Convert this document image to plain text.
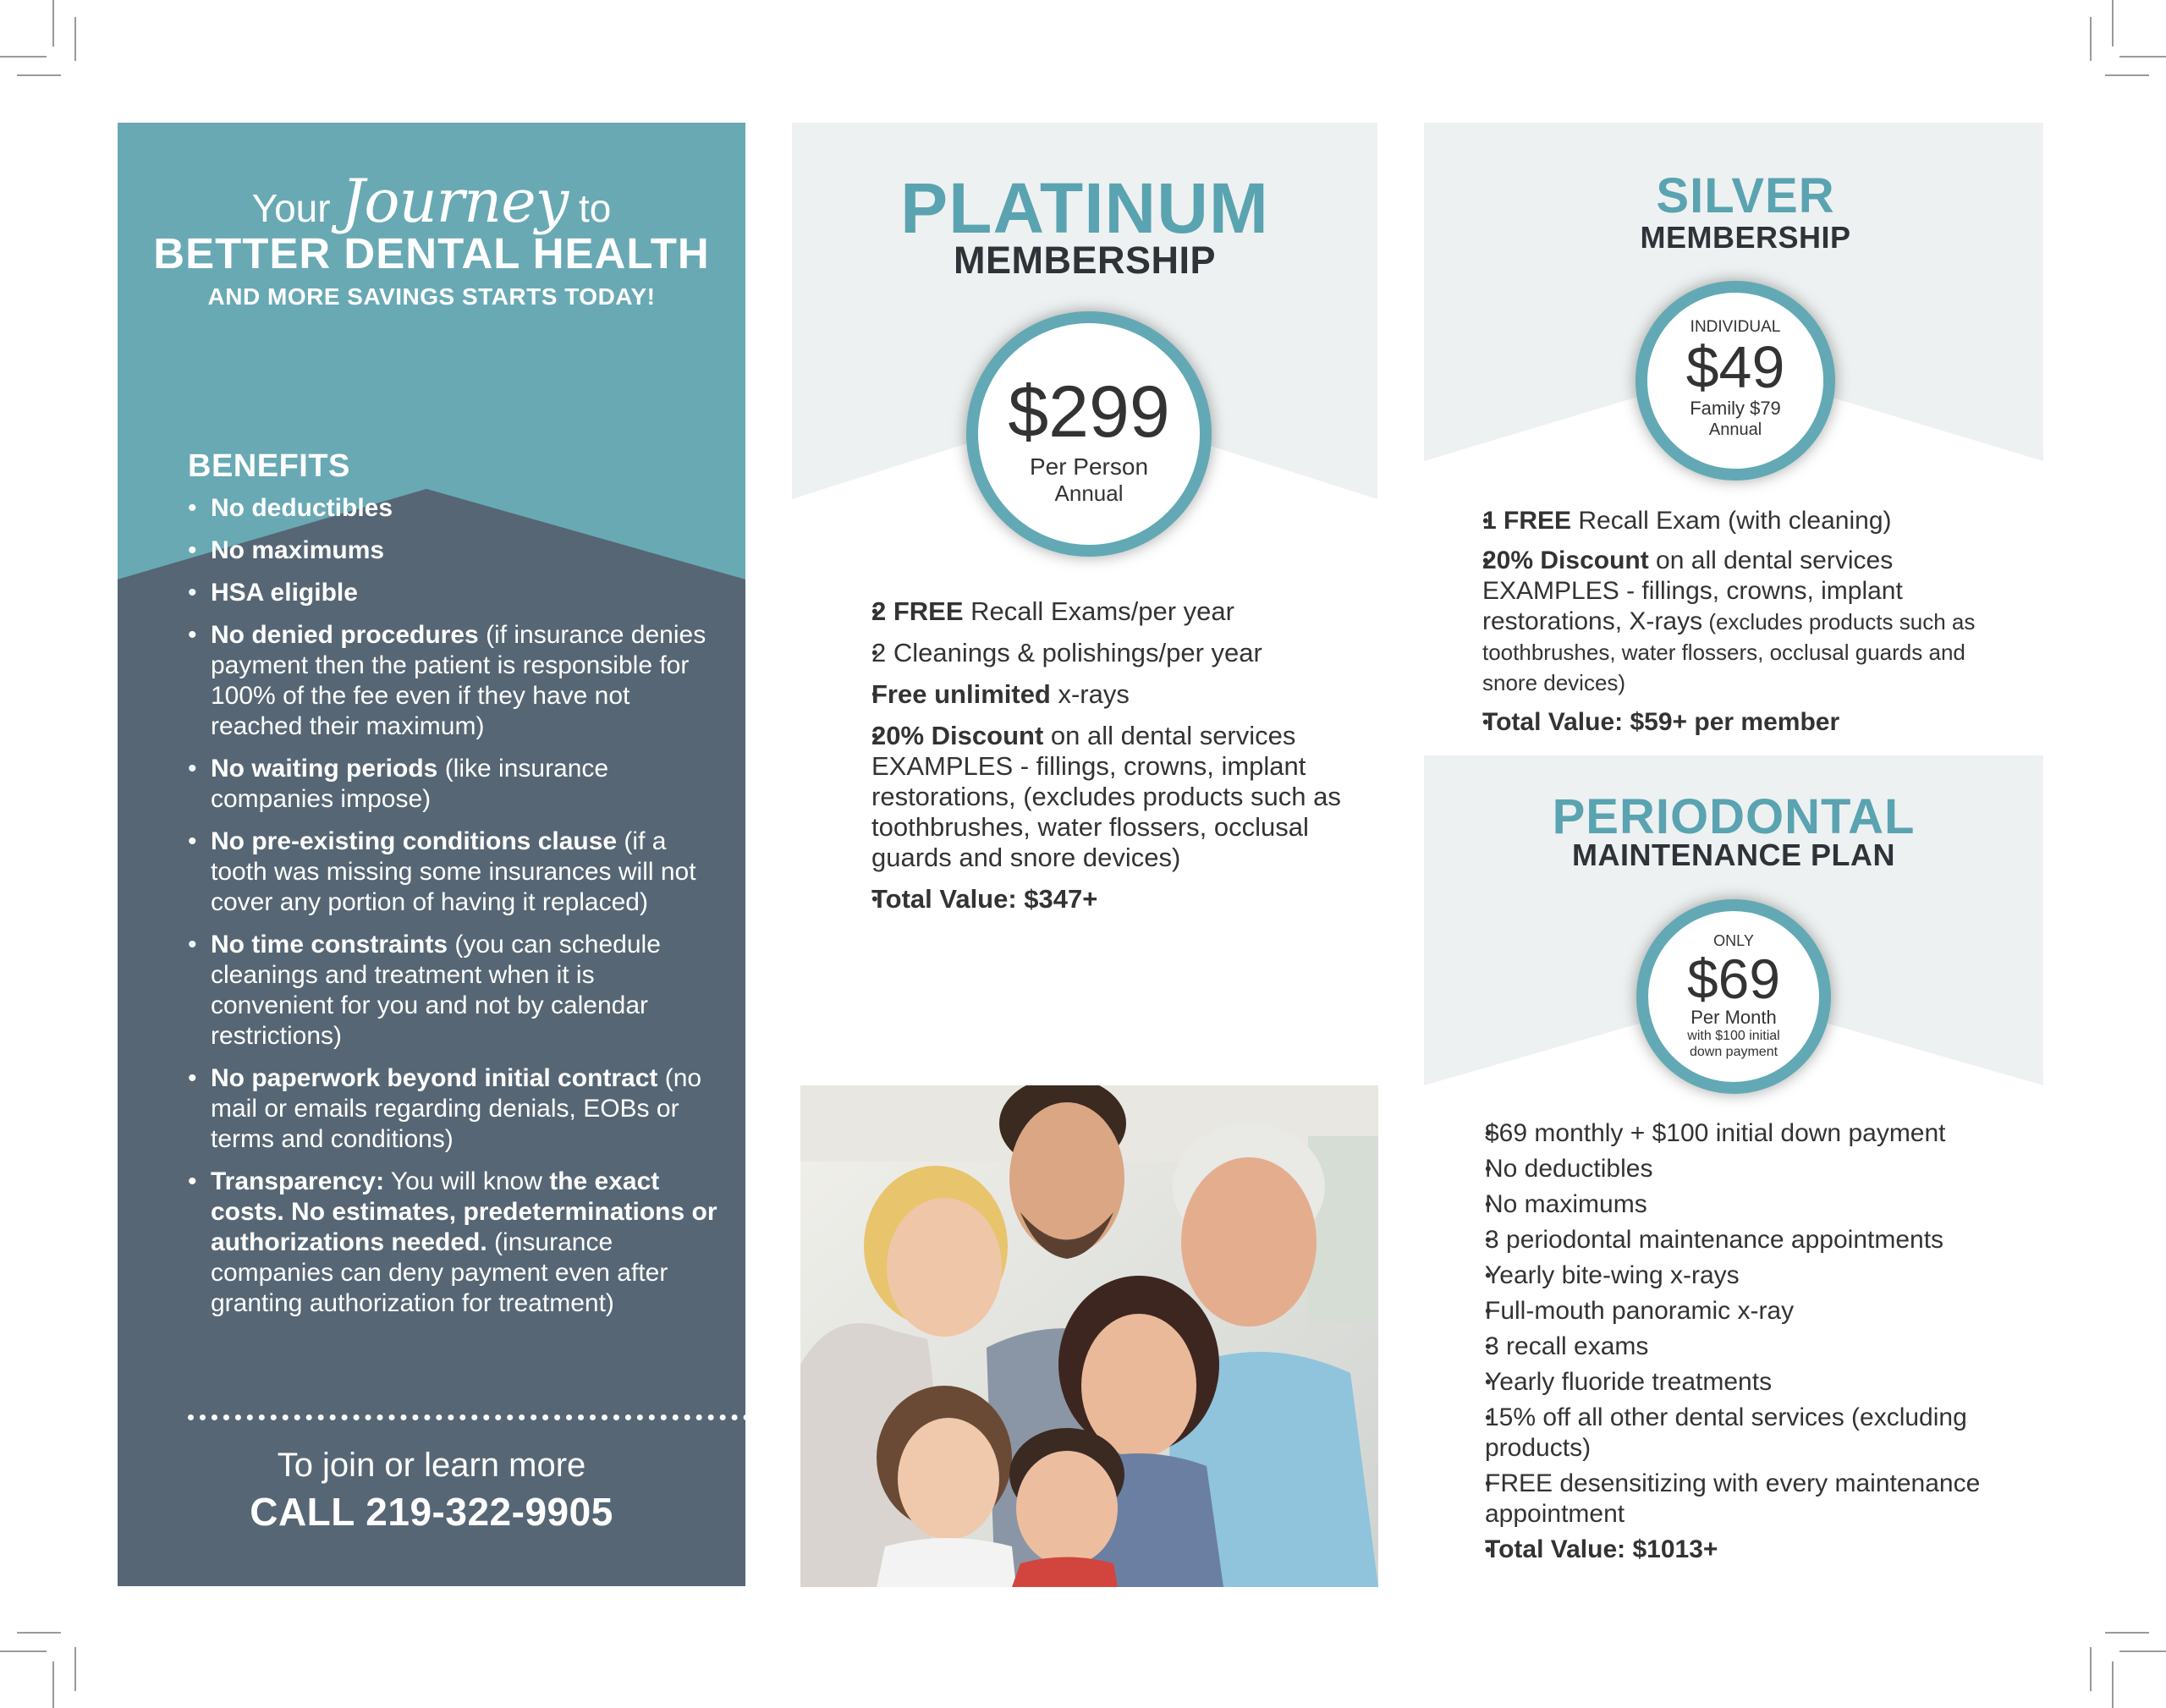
Your Journey to
BETTER DENTAL HEALTH
AND MORE SAVINGS STARTS TODAY!
BENEFITS
• No deductibles
• No maximums
• HSA eligible
• No denied procedures (if insurance denies payment then the patient is responsible for 100% of the fee even if they have not reached their maximum)
• No waiting periods (like insurance companies impose)
• No pre-existing conditions clause (if a tooth was missing some insurances will not cover any portion of having it replaced)
• No time constraints (you can schedule cleanings and treatment when it is convenient for you and not by calendar restrictions)
• No paperwork beyond initial contract (no mail or emails regarding denials, EOBs or terms and conditions)
• Transparency: You will know the exact costs. No estimates, predeterminations or authorizations needed. (insurance companies can deny payment even after granting authorization for treatment)
To join or learn more
CALL 219-322-9905
PLATINUM
MEMBERSHIP
$299
Per Person
Annual
• 2 FREE Recall Exams/per year
• 2 Cleanings & polishings/per year
• Free unlimited x-rays
• 20% Discount on all dental services
EXAMPLES - fillings, crowns, implant restorations, (excludes products such as toothbrushes, water flossers, occlusal guards and snore devices)
• Total Value: $347+
SILVER
MEMBERSHIP
INDIVIDUAL
$49
Family $79
Annual
• 1 FREE Recall Exam (with cleaning)
• 20% Discount on all dental services
EXAMPLES - fillings, crowns, implant restorations, X-rays (excludes products such as toothbrushes, water flossers, occlusal guards and snore devices)
• Total Value: $59+ per member
PERIODONTAL
MAINTENANCE PLAN
ONLY
$69
Per Month
with $100 initial
down payment
• $69 monthly + $100 initial down payment
• No deductibles
• No maximums
• 3 periodontal maintenance appointments
• Yearly bite-wing x-rays
• Full-mouth panoramic x-ray
• 3 recall exams
• Yearly fluoride treatments
• 15% off all other dental services (excluding products)
• FREE desensitizing with every maintenance appointment
• Total Value: $1013+
